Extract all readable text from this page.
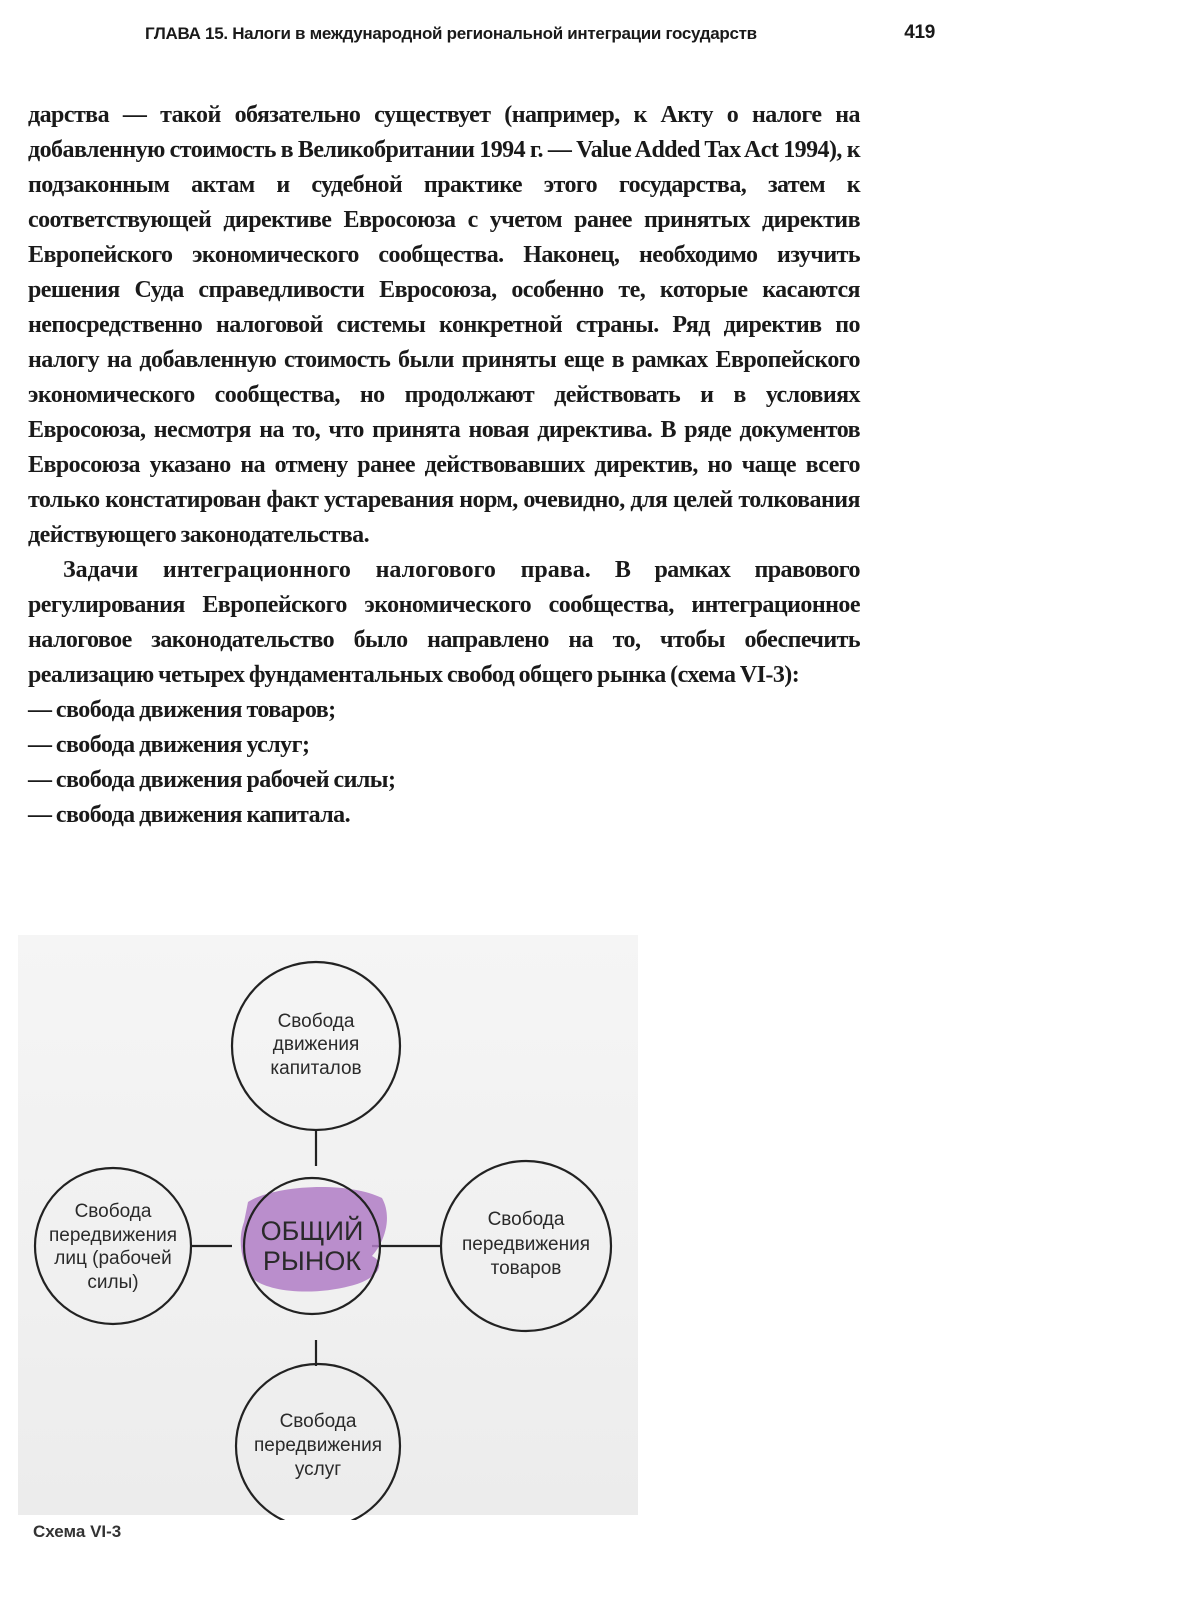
ГЛАВА 15. Налоги в международной региональной интеграции государств	419

дарства — такой обязательно существует (например, к Акту о налоге на добавленную стоимость в Великобритании 1994 г. — Value Added Tax Act 1994), к подзаконным актам и судебной практике этого государства, затем к соответствующей директиве Евросоюза с учетом ранее принятых директив Европейского экономического сообщества. Наконец, необходимо изучить решения Суда справедливости Евросоюза, особенно те, которые касаются непосредственно налоговой системы конкретной страны. Ряд директив по налогу на добавленную стоимость были приняты еще в рамках Европейского экономического сообщества, но продолжают действовать и в условиях Евросоюза, несмотря на то, что принята новая директива. В ряде документов Евросоюза указано на отмену ранее действовавших директив, но чаще всего только констатирован факт устаревания норм, очевидно, для целей толкования действующего законодательства.

Задачи интеграционного налогового права. В рамках правового регулирования Европейского экономического сообщества, интеграционное налоговое законодательство было направлено на то, чтобы обеспечить реализацию четырех фундаментальных свобод общего рынка (схема VI-3):

— свобода движения товаров;
— свобода движения услуг;
— свобода движения рабочей силы;
— свобода движения капитала.
Свобода
движения
капиталов
Свобода
передвижения
лиц (рабочей
силы)
Свобода
передвижения
товаров
Свобода
передвижения
услуг
ОБЩИЙ
РЫНОК
Схема VI-3
